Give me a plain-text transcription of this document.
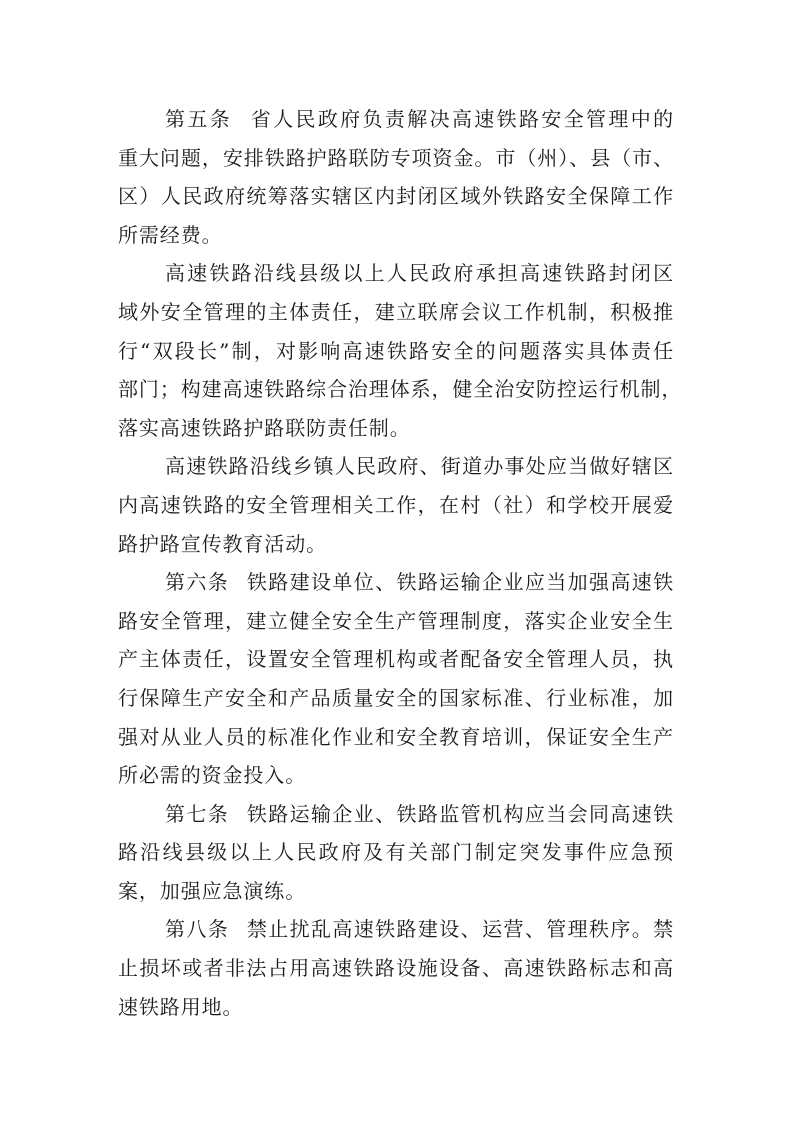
第五条 省人民政府负责解决高速铁路安全管理中的
重大问题，安排铁路护路联防专项资金。市（州）、县（市、
区）人民政府统筹落实辖区内封闭区域外铁路安全保障工作
所需经费。
高速铁路沿线县级以上人民政府承担高速铁路封闭区
域外安全管理的主体责任，建立联席会议工作机制，积极推
行“双段长”制，对影响高速铁路安全的问题落实具体责任
部门；构建高速铁路综合治理体系，健全治安防控运行机制，
落实高速铁路护路联防责任制。
高速铁路沿线乡镇人民政府、街道办事处应当做好辖区
内高速铁路的安全管理相关工作，在村（社）和学校开展爱
路护路宣传教育活动。
第六条 铁路建设单位、铁路运输企业应当加强高速铁
路安全管理，建立健全安全生产管理制度，落实企业安全生
产主体责任，设置安全管理机构或者配备安全管理人员，执
行保障生产安全和产品质量安全的国家标准、行业标准，加
强对从业人员的标准化作业和安全教育培训，保证安全生产
所必需的资金投入。
第七条 铁路运输企业、铁路监管机构应当会同高速铁
路沿线县级以上人民政府及有关部门制定突发事件应急预
案，加强应急演练。
第八条 禁止扰乱高速铁路建设、运营、管理秩序。禁
止损坏或者非法占用高速铁路设施设备、高速铁路标志和高
速铁路用地。
